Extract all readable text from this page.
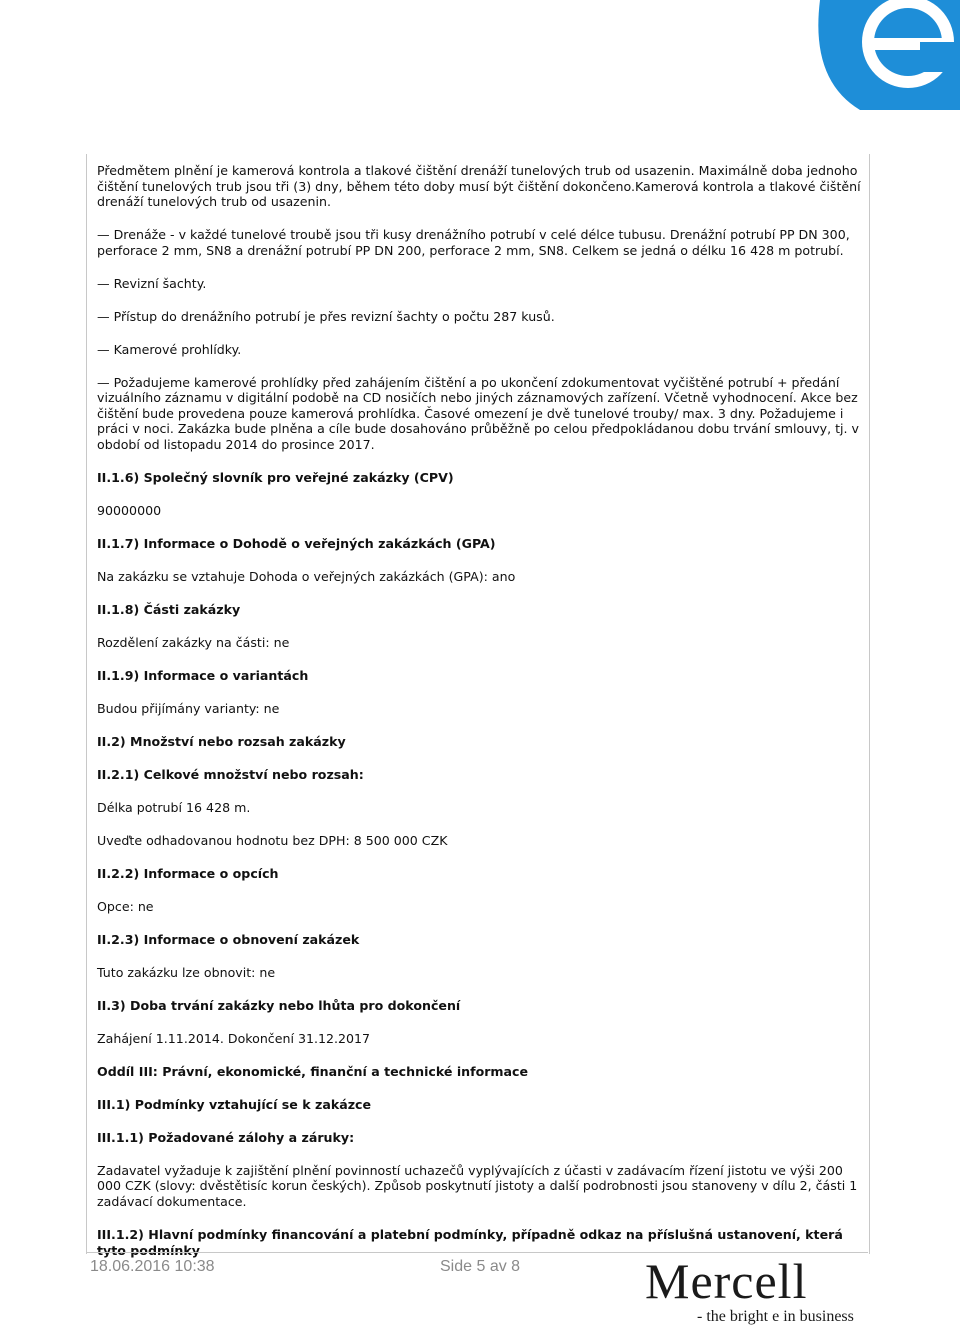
Předmětem plnění je kamerová kontrola a tlakové čištění drenáží tunelových trub od usazenin. Maximálně doba jednoho čištění tunelových trub jsou tři (3) dny, během této doby musí být čištění dokončeno.Kamerová kontrola a tlakové čištění drenáží tunelových trub od usazenin.

— Drenáže - v každé tunelové troubě jsou tři kusy drenážního potrubí v celé délce tubusu. Drenážní potrubí PP DN 300, perforace 2 mm, SN8 a drenážní potrubí PP DN 200, perforace 2 mm, SN8. Celkem se jedná o délku 16 428 m potrubí.

— Revizní šachty.

— Přístup do drenážního potrubí je přes revizní šachty o počtu 287 kusů.

— Kamerové prohlídky.

— Požadujeme kamerové prohlídky před zahájením čištění a po ukončení zdokumentovat vyčištěné potrubí + předání vizuálního záznamu v digitální podobě na CD nosičích nebo jiných záznamových zařízení. Včetně vyhodnocení. Akce bez čištění bude provedena pouze kamerová prohlídka. Časové omezení je dvě tunelové trouby/ max. 3 dny. Požadujeme i práci v noci. Zakázka bude plněna a cíle bude dosahováno průběžně po celou předpokládanou dobu trvání smlouvy, tj. v období od listopadu 2014 do prosince 2017.

II.1.6) Společný slovník pro veřejné zakázky (CPV)

90000000

II.1.7) Informace o Dohodě o veřejných zakázkách (GPA)

Na zakázku se vztahuje Dohoda o veřejných zakázkách (GPA): ano

II.1.8) Části zakázky

Rozdělení zakázky na části: ne

II.1.9) Informace o variantách

Budou přijímány varianty: ne

II.2) Množství nebo rozsah zakázky

II.2.1) Celkové množství nebo rozsah:

Délka potrubí 16 428 m.

Uveďte odhadovanou hodnotu bez DPH: 8 500 000 CZK

II.2.2) Informace o opcích

Opce: ne

II.2.3) Informace o obnovení zakázek

Tuto zakázku lze obnovit: ne

II.3) Doba trvání zakázky nebo lhůta pro dokončení

Zahájení 1.11.2014. Dokončení 31.12.2017

Oddíl III: Právní, ekonomické, finanční a technické informace

III.1) Podmínky vztahující se k zakázce

III.1.1) Požadované zálohy a záruky:

Zadavatel vyžaduje k zajištění plnění povinností uchazečů vyplývajících z účasti v zadávacím řízení jistotu ve výši 200 000 CZK (slovy: dvěstětisíc korun českých). Způsob poskytnutí jistoty a další podrobnosti jsou stanoveny v dílu 2, části 1 zadávací dokumentace.

III.1.2) Hlavní podmínky financování a platební podmínky, případně odkaz na příslušná ustanovení, která tyto podmínky

18.06.2016 10:38	Side 5 av 8 Mercell
- the bright e in business
